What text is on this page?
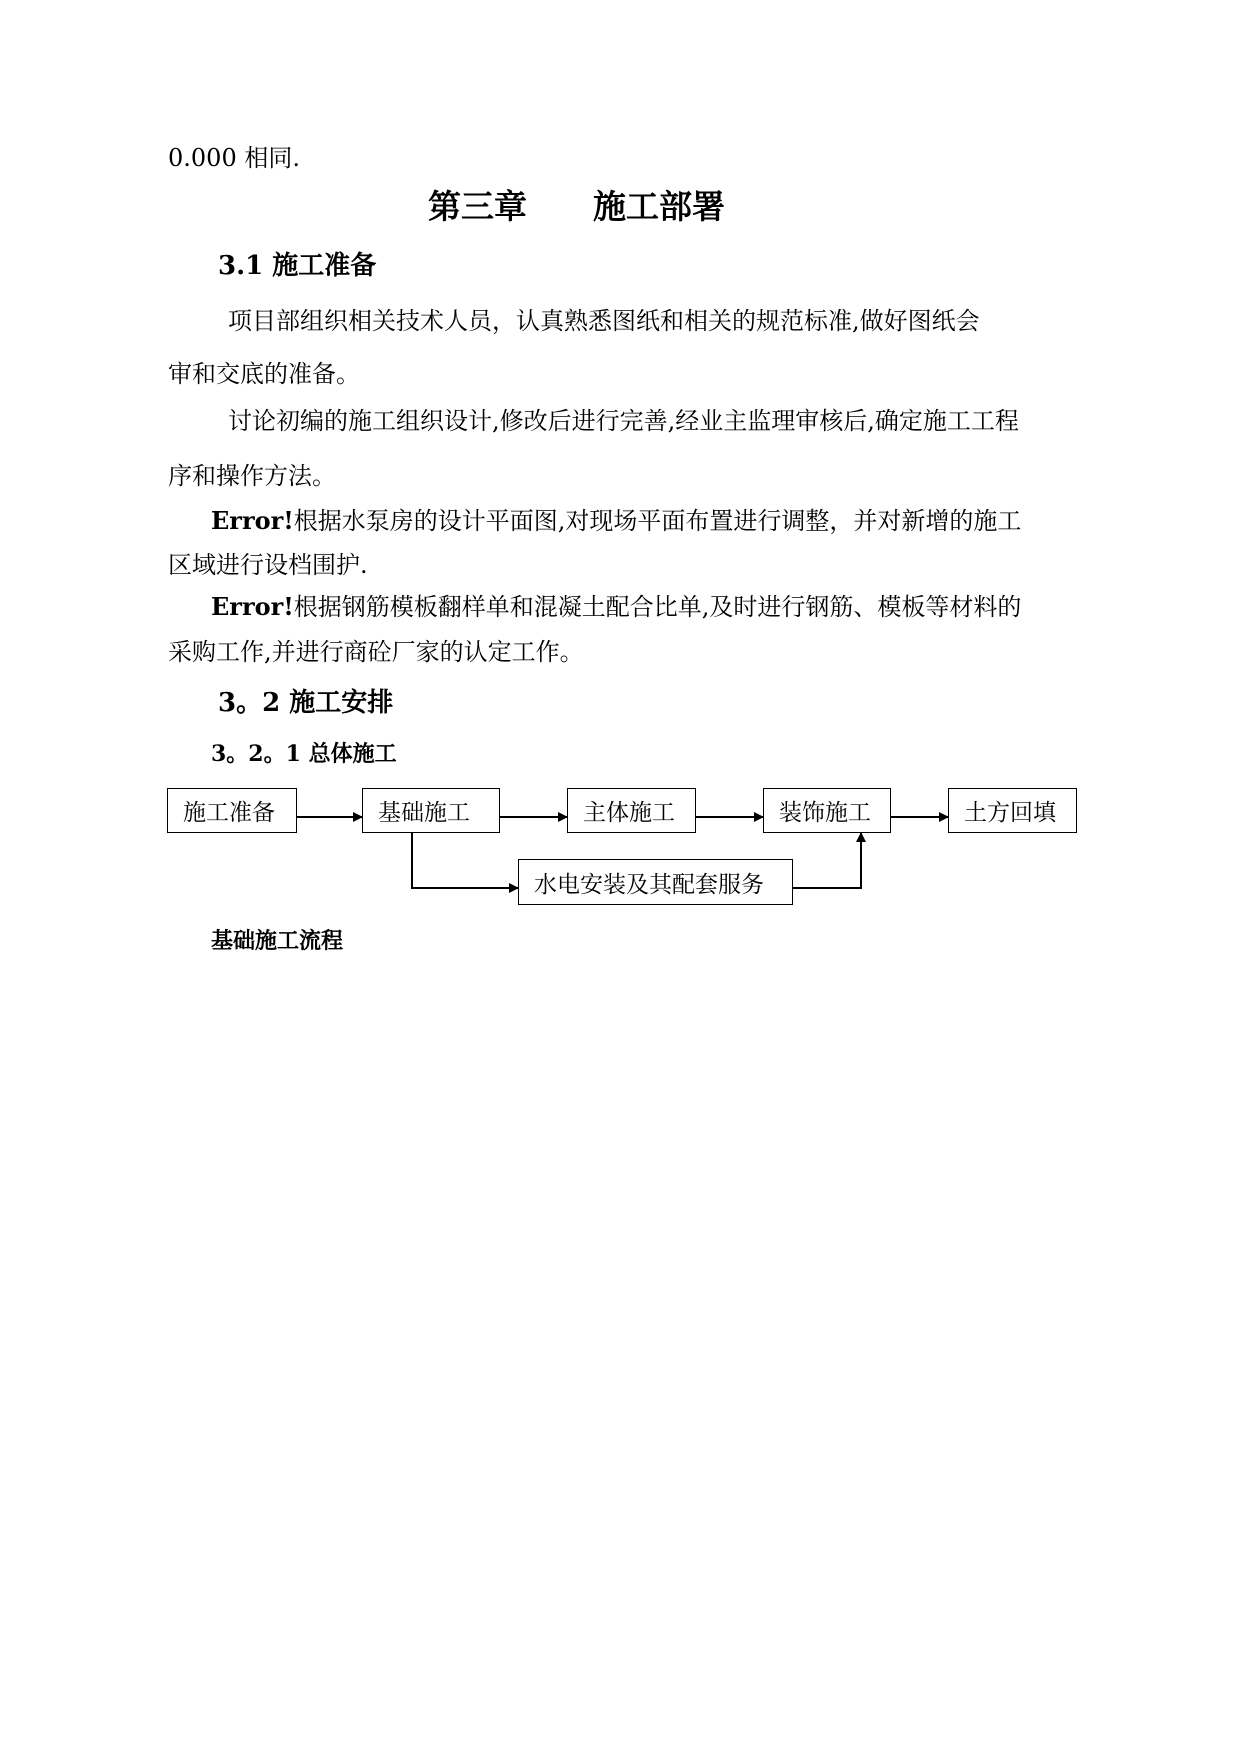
0.000 相同.
第三章　　施工部署
3.1 施工准备
项目部组织相关技术人员，认真熟悉图纸和相关的规范标准,做好图纸会
审和交底的准备。
讨论初编的施工组织设计,修改后进行完善,经业主监理审核后,确定施工工程
序和操作方法。
Error!根据水泵房的设计平面图,对现场平面布置进行调整，并对新增的施工
区域进行设档围护.
Error!根据钢筋模板翻样单和混凝土配合比单,及时进行钢筋、模板等材料的
采购工作,并进行商砼厂家的认定工作。
3。2 施工安排
3。2。1 总体施工
施工准备	基础施工	主体施工	装饰施工	土方回填
水电安装及其配套服务
基础施工流程
